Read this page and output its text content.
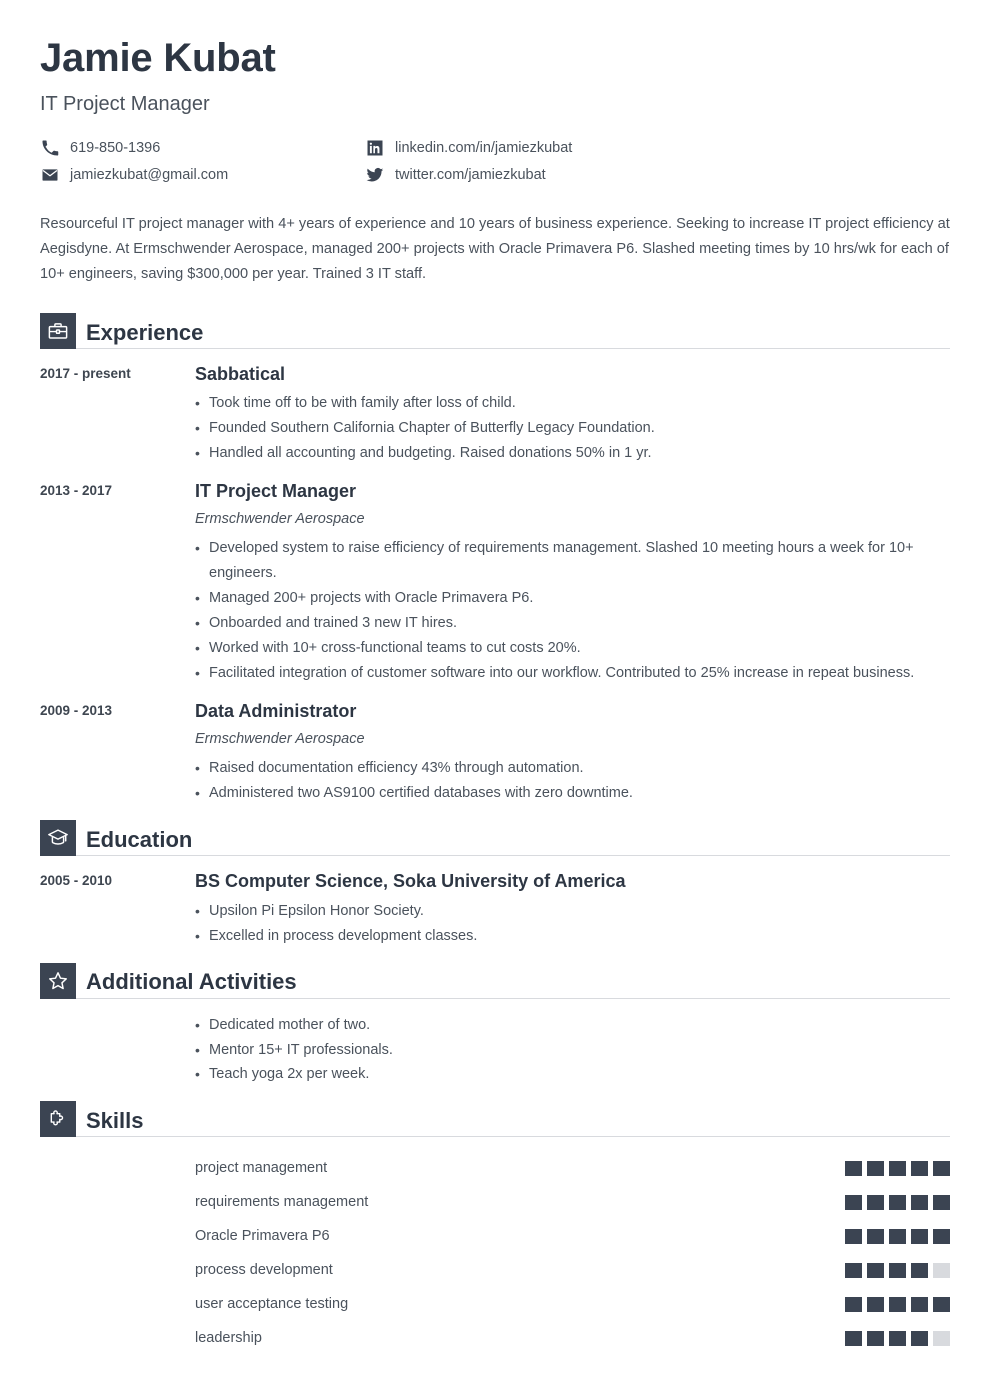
Jamie Kubat
IT Project Manager
619-850-1396	linkedin.com/in/jamiezkubat
jamiezkubat@gmail.com	twitter.com/jamiezkubat

Resourceful IT project manager with 4+ years of experience and 10 years of business experience. Seeking to increase IT project efficiency at Aegisdyne. At Ermschwender Aerospace, managed 200+ projects with Oracle Primavera P6. Slashed meeting times by 10 hrs/wk for each of 10+ engineers, saving $300,000 per year. Trained 3 IT staff.

Experience
2017 - present	Sabbatical
• Took time off to be with family after loss of child.
• Founded Southern California Chapter of Butterfly Legacy Foundation.
• Handled all accounting and budgeting. Raised donations 50% in 1 yr.
2013 - 2017	IT Project Manager
Ermschwender Aerospace
• Developed system to raise efficiency of requirements management. Slashed 10 meeting hours a week for 10+ engineers.
• Managed 200+ projects with Oracle Primavera P6.
• Onboarded and trained 3 new IT hires.
• Worked with 10+ cross-functional teams to cut costs 20%.
• Facilitated integration of customer software into our workflow. Contributed to 25% increase in repeat business.
2009 - 2013	Data Administrator
Ermschwender Aerospace
• Raised documentation efficiency 43% through automation.
• Administered two AS9100 certified databases with zero downtime.
Education
2005 - 2010	BS Computer Science, Soka University of America
• Upsilon Pi Epsilon Honor Society.
• Excelled in process development classes.
Additional Activities
• Dedicated mother of two.
• Mentor 15+ IT professionals.
• Teach yoga 2x per week.
Skills
project management
requirements management
Oracle Primavera P6
process development
user acceptance testing
leadership
